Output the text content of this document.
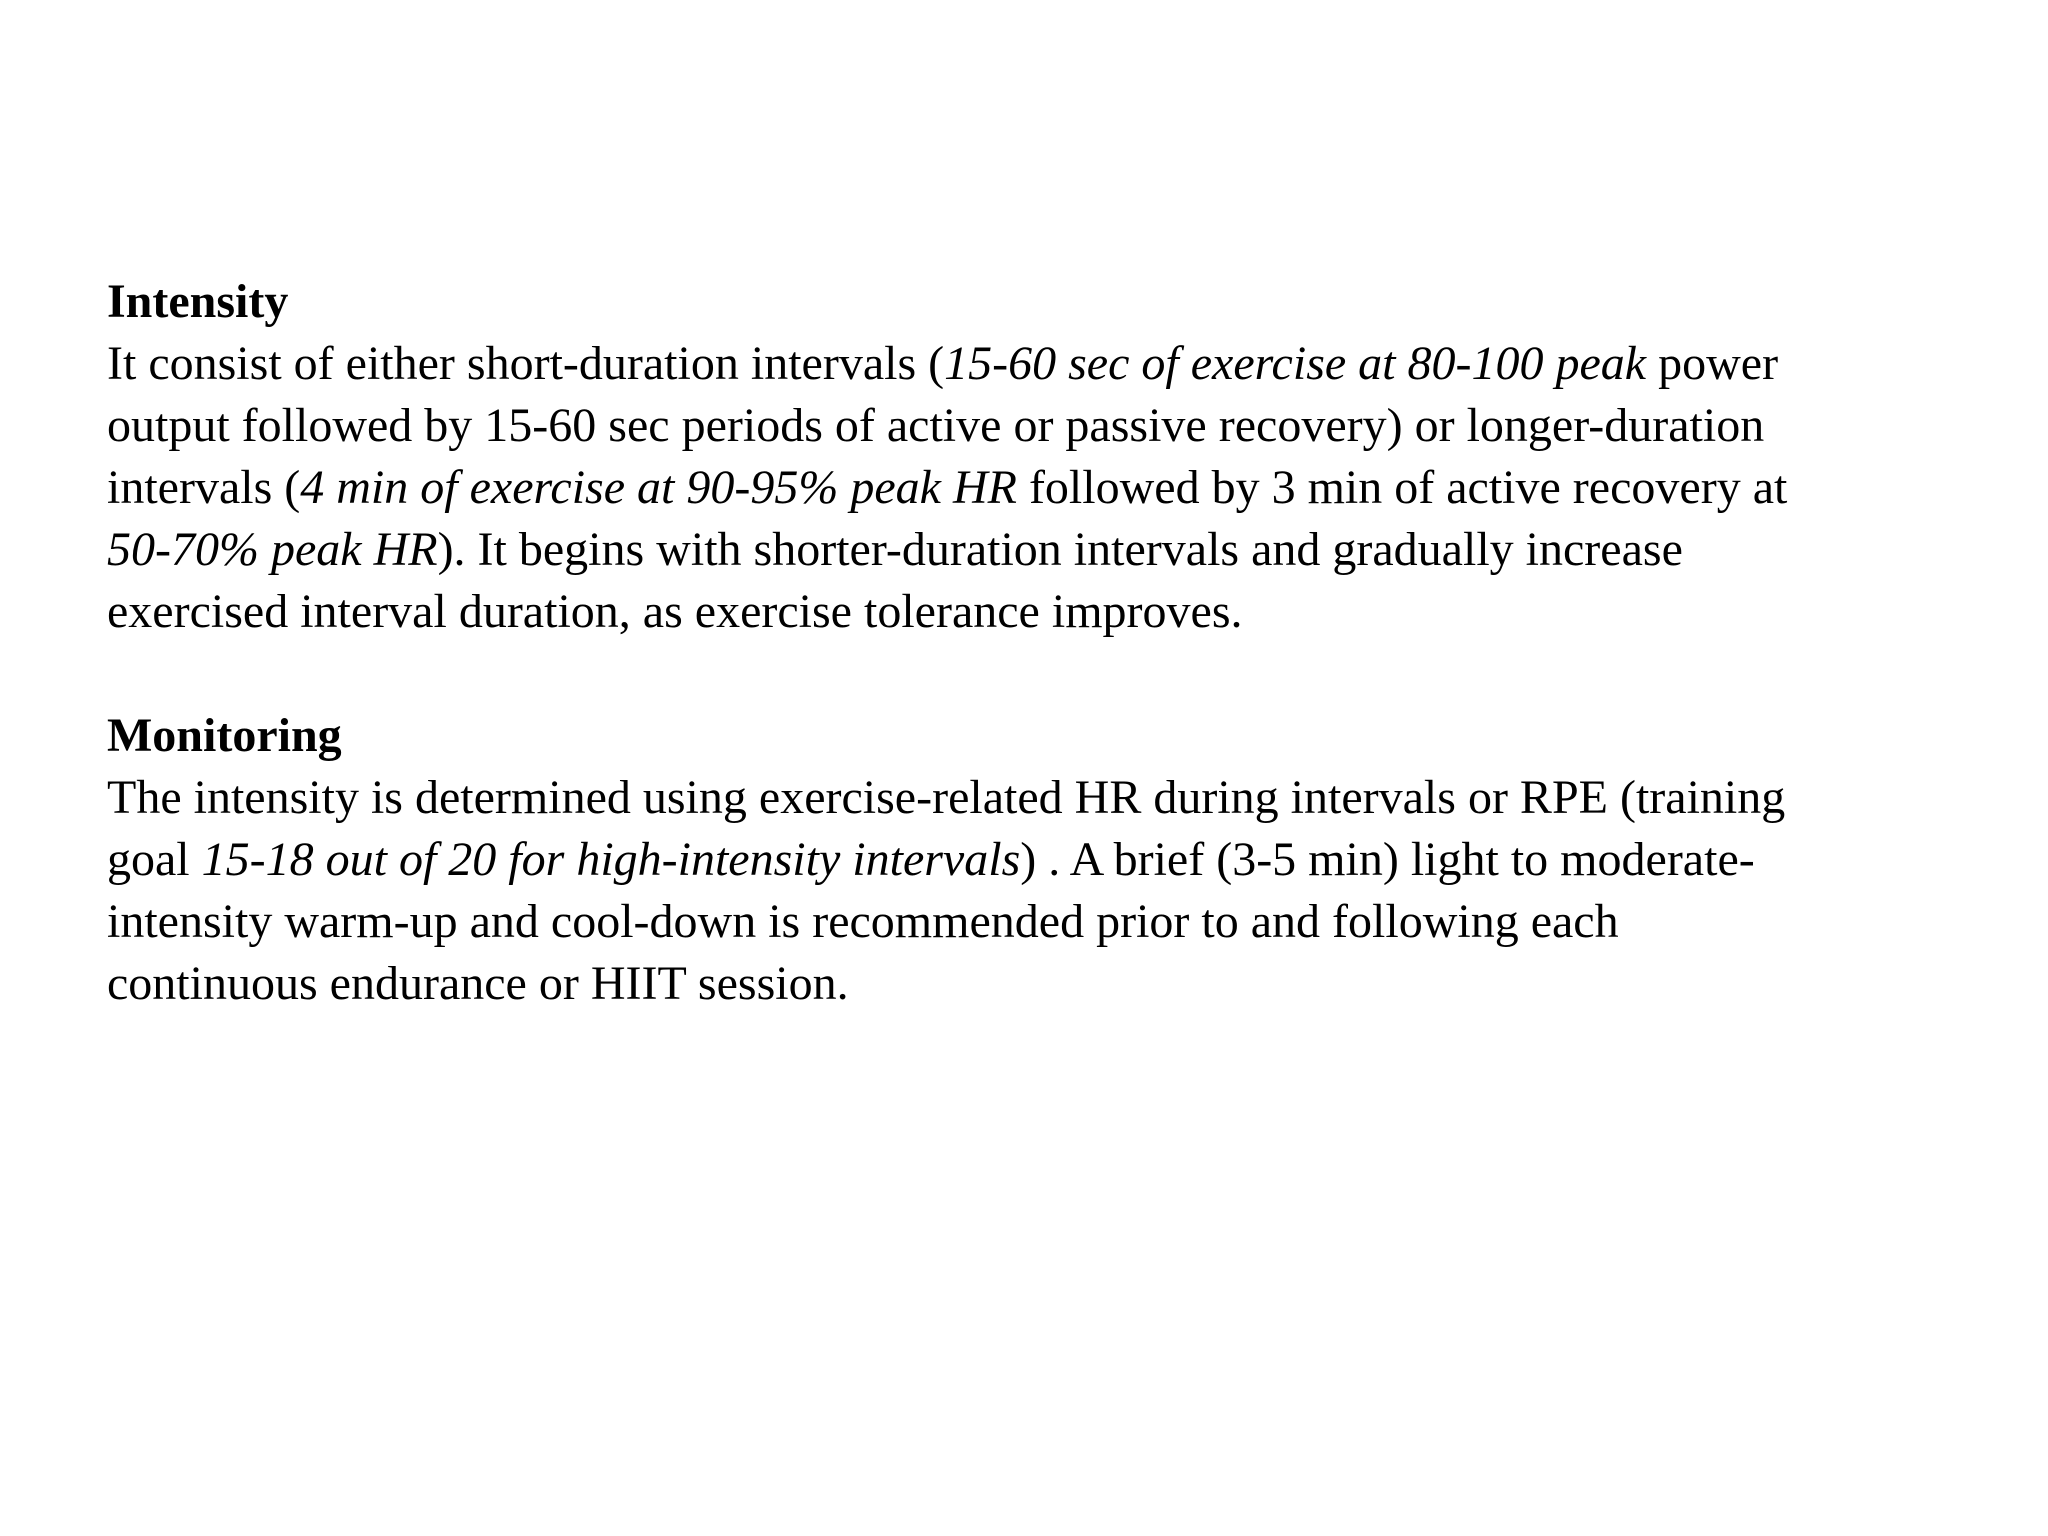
Intensity

It consist of either short-duration intervals (15-60 sec of exercise at 80-100 peak power
output followed by 15-60 sec periods of active or passive recovery) or longer-duration
intervals (4 min of exercise at 90-95% peak HR followed by 3 min of active recovery at
50-70% peak HR). It begins with shorter-duration intervals and gradually increase
exercised interval duration, as exercise tolerance improves.

Monitoring

The intensity is determined using exercise-related HR during intervals or RPE (training
goal 15-18 out of 20 for high-intensity intervals) . A brief (3-5 min) light to moderate-
intensity warm-up and cool-down is recommended prior to and following each
continuous endurance or HIIT session.
